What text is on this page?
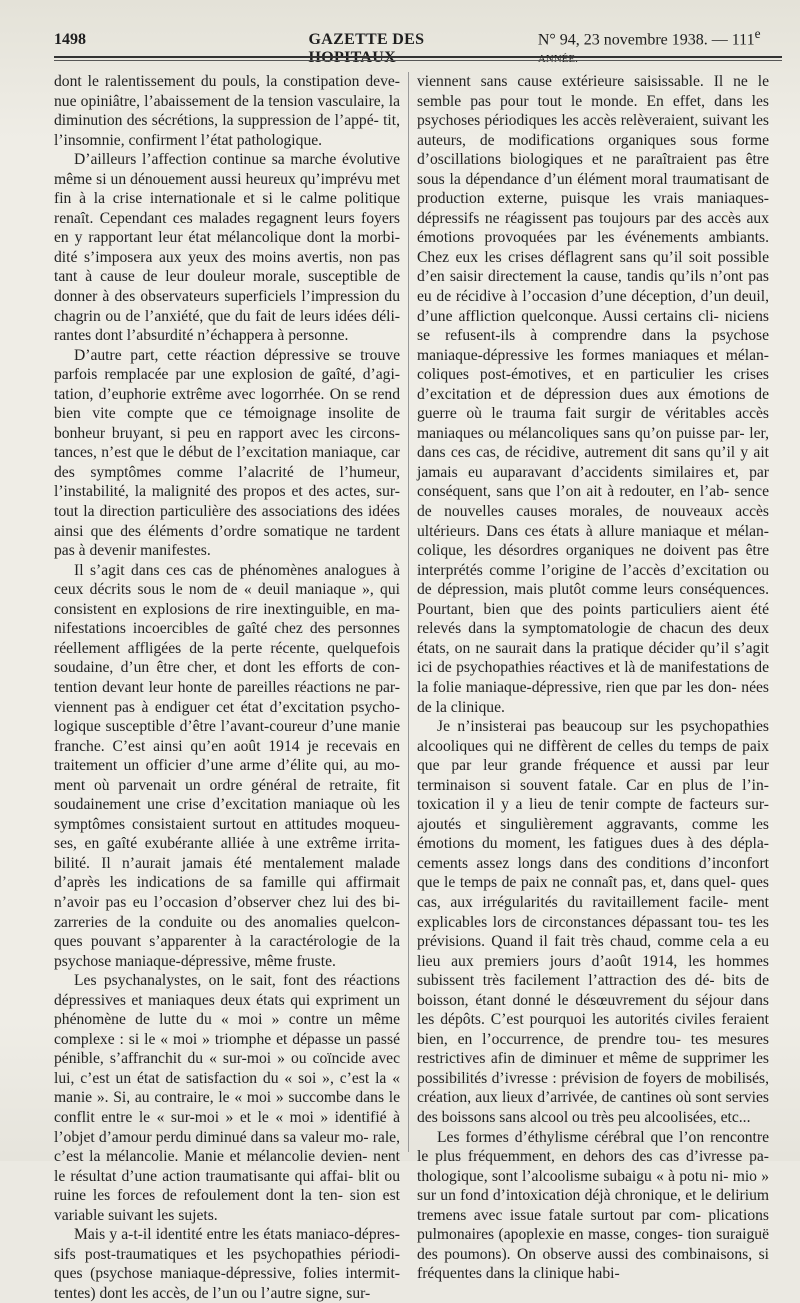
1498	GAZETTE DES HOPITAUX
N° 94, 23 novembre 1938. — 111e ANNÉE.

dont le ralentissement du pouls, la constipation deve- nue opiniâtre, l’abaissement de la tension vasculaire, la diminution des sécrétions, la suppression de l’appé- tit, l’insomnie, confirment l’état pathologique.

D’ailleurs l’affection continue sa marche évolutive même si un dénouement aussi heureux qu’imprévu met fin à la crise internationale et si le calme politique renaît. Cependant ces malades regagnent leurs foyers en y rapportant leur état mélancolique dont la morbi- dité s’imposera aux yeux des moins avertis, non pas tant à cause de leur douleur morale, susceptible de donner à des observateurs superficiels l’impression du chagrin ou de l’anxiété, que du fait de leurs idées déli- rantes dont l’absurdité n’échappera à personne.

D’autre part, cette réaction dépressive se trouve parfois remplacée par une explosion de gaîté, d’agi- tation, d’euphorie extrême avec logorrhée. On se rend bien vite compte que ce témoignage insolite de bonheur bruyant, si peu en rapport avec les circons- tances, n’est que le début de l’excitation maniaque, car des symptômes comme l’alacrité de l’humeur, l’instabilité, la malignité des propos et des actes, sur- tout la direction particulière des associations des idées ainsi que des éléments d’ordre somatique ne tardent pas à devenir manifestes.

Il s’agit dans ces cas de phénomènes analogues à ceux décrits sous le nom de « deuil maniaque », qui consistent en explosions de rire inextinguible, en ma- nifestations incoercibles de gaîté chez des personnes réellement affligées de la perte récente, quelquefois soudaine, d’un être cher, et dont les efforts de con- tention devant leur honte de pareilles réactions ne par- viennent pas à endiguer cet état d’excitation psycho- logique susceptible d’être l’avant-coureur d’une manie franche. C’est ainsi qu’en août 1914 je recevais en traitement un officier d’une arme d’élite qui, au mo- ment où parvenait un ordre général de retraite, fit soudainement une crise d’excitation maniaque où les symptômes consistaient surtout en attitudes moqueu- ses, en gaîté exubérante alliée à une extrême irrita- bilité. Il n’aurait jamais été mentalement malade d’après les indications de sa famille qui affirmait n’avoir pas eu l’occasion d’observer chez lui des bi- zarreries de la conduite ou des anomalies quelcon- ques pouvant s’apparenter à la caractérologie de la psychose maniaque-dépressive, même fruste.

Les psychanalystes, on le sait, font des réactions dépressives et maniaques deux états qui expriment un phénomène de lutte du « moi » contre un même complexe : si le « moi » triomphe et dépasse un passé pénible, s’affranchit du « sur-moi » ou coïncide avec lui, c’est un état de satisfaction du « soi », c’est la « manie ». Si, au contraire, le « moi » succombe dans le conflit entre le « sur-moi » et le « moi » identifié à l’objet d’amour perdu diminué dans sa valeur mo- rale, c’est la mélancolie. Manie et mélancolie devien- nent le résultat d’une action traumatisante qui affai- blit ou ruine les forces de refoulement dont la ten- sion est variable suivant les sujets.

Mais y a-t-il identité entre les états maniaco-dépres- sifs post-traumatiques et les psychopathies périodi- ques (psychose maniaque-dépressive, folies intermit- tentes) dont les accès, de l’un ou l’autre signe, sur-

viennent sans cause extérieure saisissable. Il ne le semble pas pour tout le monde. En effet, dans les psychoses périodiques les accès relèveraient, suivant les auteurs, de modifications organiques sous forme d’oscillations biologiques et ne paraîtraient pas être sous la dépendance d’un élément moral traumatisant de production externe, puisque les vrais maniaques- dépressifs ne réagissent pas toujours par des accès aux émotions provoquées par les événements ambiants. Chez eux les crises déflagrent sans qu’il soit possible d’en saisir directement la cause, tandis qu’ils n’ont pas eu de récidive à l’occasion d’une déception, d’un deuil, d’une affliction quelconque. Aussi certains cli- niciens se refusent-ils à comprendre dans la psychose maniaque-dépressive les formes maniaques et mélan- coliques post-émotives, et en particulier les crises d’excitation et de dépression dues aux émotions de guerre où le trauma fait surgir de véritables accès maniaques ou mélancoliques sans qu’on puisse par- ler, dans ces cas, de récidive, autrement dit sans qu’il y ait jamais eu auparavant d’accidents similaires et, par conséquent, sans que l’on ait à redouter, en l’ab- sence de nouvelles causes morales, de nouveaux accès ultérieurs. Dans ces états à allure maniaque et mélan- colique, les désordres organiques ne doivent pas être interprétés comme l’origine de l’accès d’excitation ou de dépression, mais plutôt comme leurs conséquences. Pourtant, bien que des points particuliers aient été relevés dans la symptomatologie de chacun des deux états, on ne saurait dans la pratique décider qu’il s’agit ici de psychopathies réactives et là de manifestations de la folie maniaque-dépressive, rien que par les don- nées de la clinique.

Je n’insisterai pas beaucoup sur les psychopathies alcooliques qui ne diffèrent de celles du temps de paix que par leur grande fréquence et aussi par leur terminaison si souvent fatale. Car en plus de l’in- toxication il y a lieu de tenir compte de facteurs sur- ajoutés et singulièrement aggravants, comme les émotions du moment, les fatigues dues à des dépla- cements assez longs dans des conditions d’inconfort que le temps de paix ne connaît pas, et, dans quel- ques cas, aux irrégularités du ravitaillement facile- ment explicables lors de circonstances dépassant tou- tes les prévisions. Quand il fait très chaud, comme cela a eu lieu aux premiers jours d’août 1914, les hommes subissent très facilement l’attraction des dé- bits de boisson, étant donné le désœuvrement du séjour dans les dépôts. C’est pourquoi les autorités civiles feraient bien, en l’occurrence, de prendre tou- tes mesures restrictives afin de diminuer et même de supprimer les possibilités d’ivresse : prévision de foyers de mobilisés, création, aux lieux d’arrivée, de cantines où sont servies des boissons sans alcool ou très peu alcoolisées, etc...

Les formes d’éthylisme cérébral que l’on rencontre le plus fréquemment, en dehors des cas d’ivresse pa- thologique, sont l’alcoolisme subaigu « à potu ni- mio » sur un fond d’intoxication déjà chronique, et le delirium tremens avec issue fatale surtout par com- plications pulmonaires (apoplexie en masse, conges- tion suraiguë des poumons). On observe aussi des combinaisons, si fréquentes dans la clinique habi-
